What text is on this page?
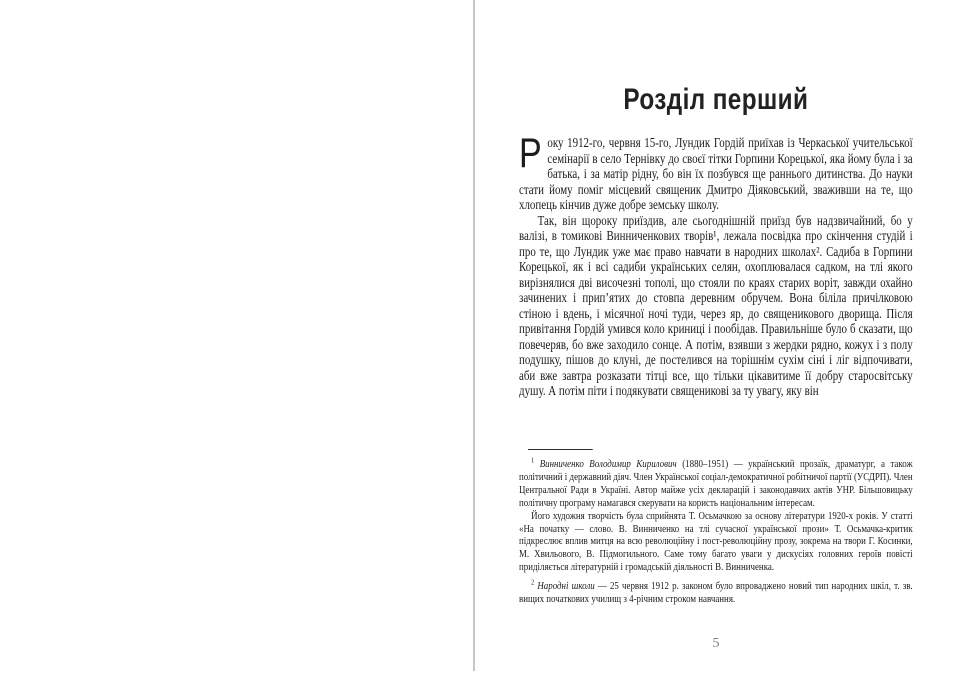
Розділ перший

Року 1912-го, червня 15-го, Лундик Гордій приїхав із Черкаської учительської семінарії в село Тернівку до своєї тітки Горпини Корецької, яка йому була і за батька, і за матір рідну, бо він їх позбувся ще раннього дитинства. До науки стати йому поміг місцевий священик Дмитро Діяковський, зваживши на те, що хлопець кінчив дуже добре земську школу.

Так, він щороку приїздив, але сьогоднішній приїзд був надзвичайний, бо у валізі, в томикові Винниченкових творів¹, лежала посвідка про скінчення студій і про те, що Лундик уже має право навчати в народних школах². Садиба в Горпини Корецької, як і всі садиби українських селян, охоплювалася садком, на тлі якого вирізнялися дві височезні тополі, що стояли по краях старих воріт, завжди охайно зачинених і прип’ятих до стовпа деревним обручем. Вона біліла причілковою стіною і вдень, і місячної ночі туди, через яр, до священикового дворища. Після привітання Гордій умився коло криниці і пообідав. Правильніше було б сказати, що повечеряв, бо вже заходило сонце. А потім, взявши з жердки рядно, кожух і з полу подушку, пішов до клуні, де постелився на торішнім сухім сіні і ліг відпочивати, аби вже завтра розказати тітці все, що тільки цікавитиме її добру старосвітську душу. А потім піти і подякувати священикові за ту увагу, яку він

$^1$ Винниченко Володимир Кирилович (1880–1951) — український прозаїк, драматург, а також політичний і державний діяч. Член Української соціал-демократичної робітничої партії (УСДРП). Член Центральної Ради в Україні. Автор майже усіх декларацій і законодавчих актів УНР. Більшовицьку політичну програму намагався скерувати на користь національним інтересам.

Його художня творчість була сприйнята Т. Осьмачкою за основу літератури 1920-х років. У статті «На початку — слово. В. Винниченко на тлі сучасної української прози» Т. Осьмачка-критик підкреслює вплив митця на всю революційну і пост-революційну прозу, зокрема на твори Г. Косинки, М. Хвильового, В. Підмогильного. Саме тому багато уваги у дискусіях головних героїв повісті приділяється літературній і громадській діяльності В. Винниченка.

$^2$ Народні школи — 25 червня 1912 р. законом було впроваджено новий тип народних шкіл, т. зв. вищих початкових училищ з 4-річним строком навчання.

5
